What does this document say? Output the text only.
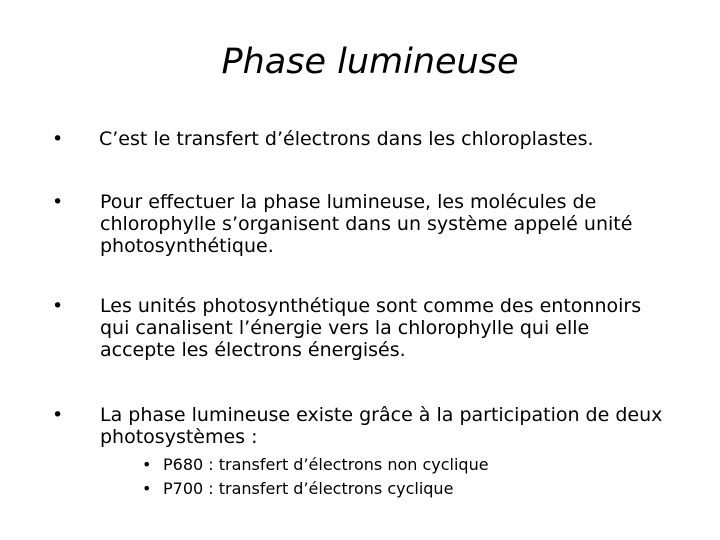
Phase lumineuse
• C’est le transfert d’électrons dans les chloroplastes.
• Pour effectuer la phase lumineuse, les molécules de
chlorophylle s’organisent dans un système appelé unité
photosynthétique.
• Les unités photosynthétique sont comme des entonnoirs
qui canalisent l’énergie vers la chlorophylle qui elle
accepte les électrons énergisés.
• La phase lumineuse existe grâce à la participation de deux
photosystèmes :
• P680 : transfert d’électrons non cyclique
• P700 : transfert d’électrons cyclique
